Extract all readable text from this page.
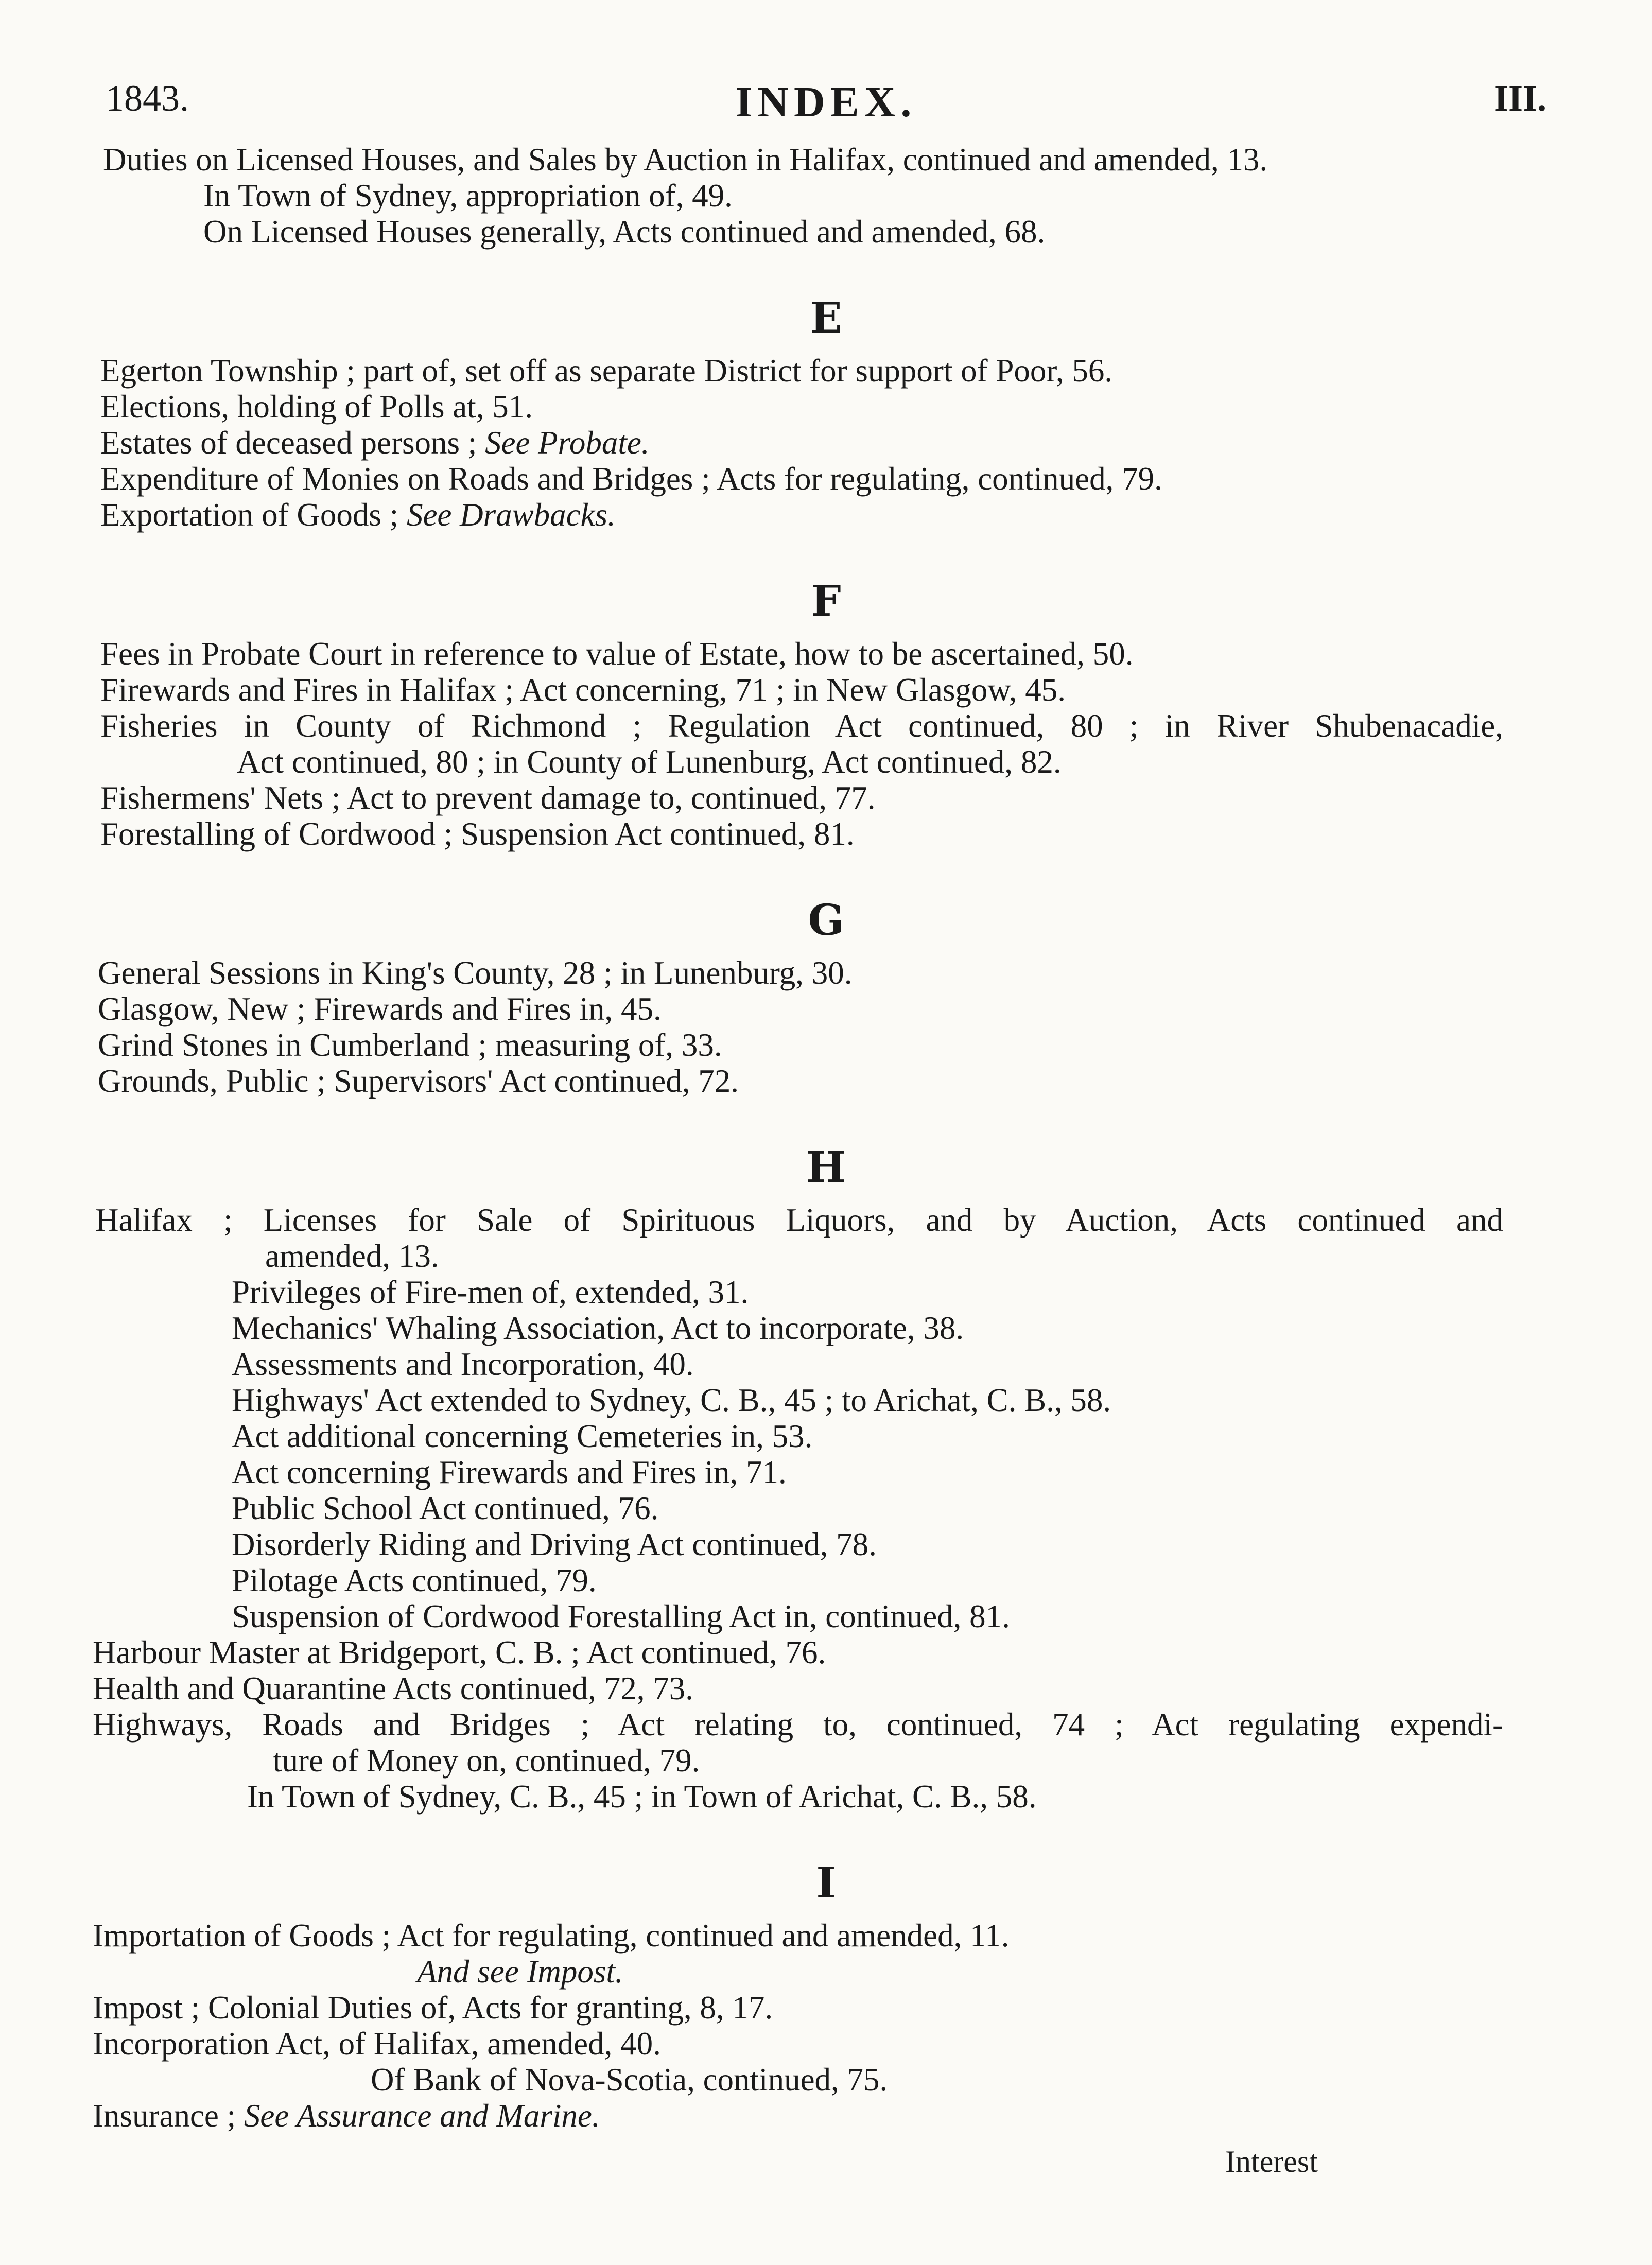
1843.	INDEX.	III.
Duties on Licensed Houses, and Sales by Auction in Halifax, continued and amended, 13.
In Town of Sydney, appropriation of, 49.
On Licensed Houses generally, Acts continued and amended, 68.
Egerton Township ; part of, set off as separate District for support of Poor, 56.
Elections, holding of Polls at, 51.
Estates of deceased persons ; See Probate.
Expenditure of Monies on Roads and Bridges ; Acts for regulating, continued, 79.
Exportation of Goods ; See Drawbacks.
Fees in Probate Court in reference to value of Estate, how to be ascertained, 50.
Firewards and Fires in Halifax ; Act concerning, 71 ; in New Glasgow, 45.
Fisheries in County of Richmond ; Regulation Act continued, 80 ; in River Shubenacadie,
Act continued, 80 ; in County of Lunenburg, Act continued, 82.
Fishermens' Nets ; Act to prevent damage to, continued, 77.
Forestalling of Cordwood ; Suspension Act continued, 81.
General Sessions in King's County, 28 ; in Lunenburg, 30.
Glasgow, New ; Firewards and Fires in, 45.
Grind Stones in Cumberland ; measuring of, 33.
Grounds, Public ; Supervisors' Act continued, 72.
Halifax ; Licenses for Sale of Spirituous Liquors, and by Auction, Acts continued and
amended, 13.
Privileges of Fire-men of, extended, 31.
Mechanics' Whaling Association, Act to incorporate, 38.
Assessments and Incorporation, 40.
Highways' Act extended to Sydney, C. B., 45 ; to Arichat, C. B., 58.
Act additional concerning Cemeteries in, 53.
Act concerning Firewards and Fires in, 71.
Public School Act continued, 76.
Disorderly Riding and Driving Act continued, 78.
Pilotage Acts continued, 79.
Suspension of Cordwood Forestalling Act in, continued, 81.
Harbour Master at Bridgeport, C. B. ; Act continued, 76.
Health and Quarantine Acts continued, 72, 73.
Highways, Roads and Bridges ; Act relating to, continued, 74 ; Act regulating expendi-
ture of Money on, continued, 79.
In Town of Sydney, C. B., 45 ; in Town of Arichat, C. B., 58.
Importation of Goods ; Act for regulating, continued and amended, 11.
And see Impost.
Impost ; Colonial Duties of, Acts for granting, 8, 17.
Incorporation Act, of Halifax, amended, 40.
Of Bank of Nova-Scotia, continued, 75.
Insurance ; See Assurance and Marine.
E
F
G
H
I
Interest
